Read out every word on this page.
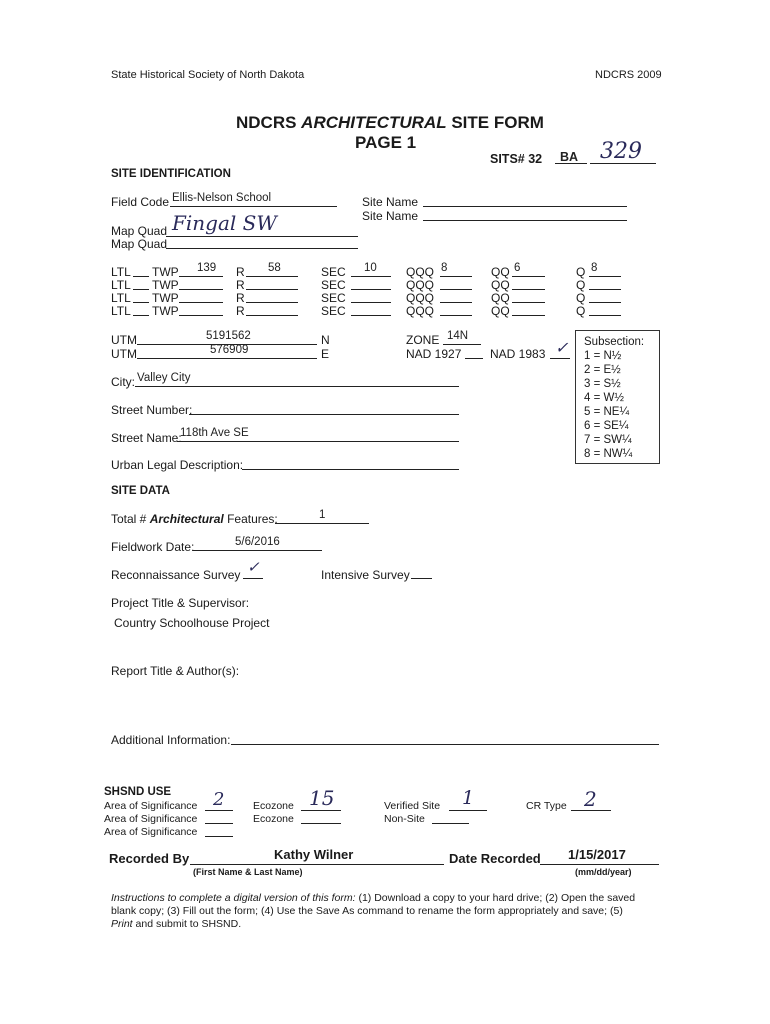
State Historical Society of North Dakota	NDCRS 2009
NDCRS ARCHITECTURAL SITE FORM
PAGE 1
SITS# 32 BA 329
SITE IDENTIFICATION
Field Code Ellis-Nelson School	Site Name
Site Name
Map Quad Fingal SW
Map Quad
LTL TWP 139 R 58	SEC 10 QQQ 8	QQ 6	Q 8
LTL TWP	R	SEC	QQQ	QQ	Q
LTL TWP	R	SEC	QQQ	QQ	Q
LTL TWP	R	SEC	QQQ	QQ	Q
UTM	5191562	N
UTM	576909	E
ZONE 14N
NAD 1927 NAD 1983 ✓	Subsection:
1 = N½
2 = E½
3 = S½
4 = W½
5 = NE¼
6 = SE¼
7 = SW¼
8 = NW¼
City: Valley City
Street Number:
Street Name:
118th Ave SE
Urban Legal Description:
SITE DATA
Total # Architectural Features:	1
Fieldwork Date:	5/6/2016
Reconnaissance Survey ✓	Intensive Survey
Project Title & Supervisor:
Country Schoolhouse Project
Report Title & Author(s):
Additional Information:
SHSND USE
Area of Significance 2
Area of Significance
Area of Significance
Ecozone 15
Ecozone
Verified Site 1
Non-Site
CR Type 2
Recorded By	Kathy Wilner
(First Name & Last Name)
Date Recorded 1/15/2017
(mm/dd/year)
Instructions to complete a digital version of this form: (1) Download a copy to your hard drive; (2) Open the saved blank copy; (3) Fill out the form; (4) Use the Save As command to rename the form appropriately and save; (5) Print and submit to SHSND.
